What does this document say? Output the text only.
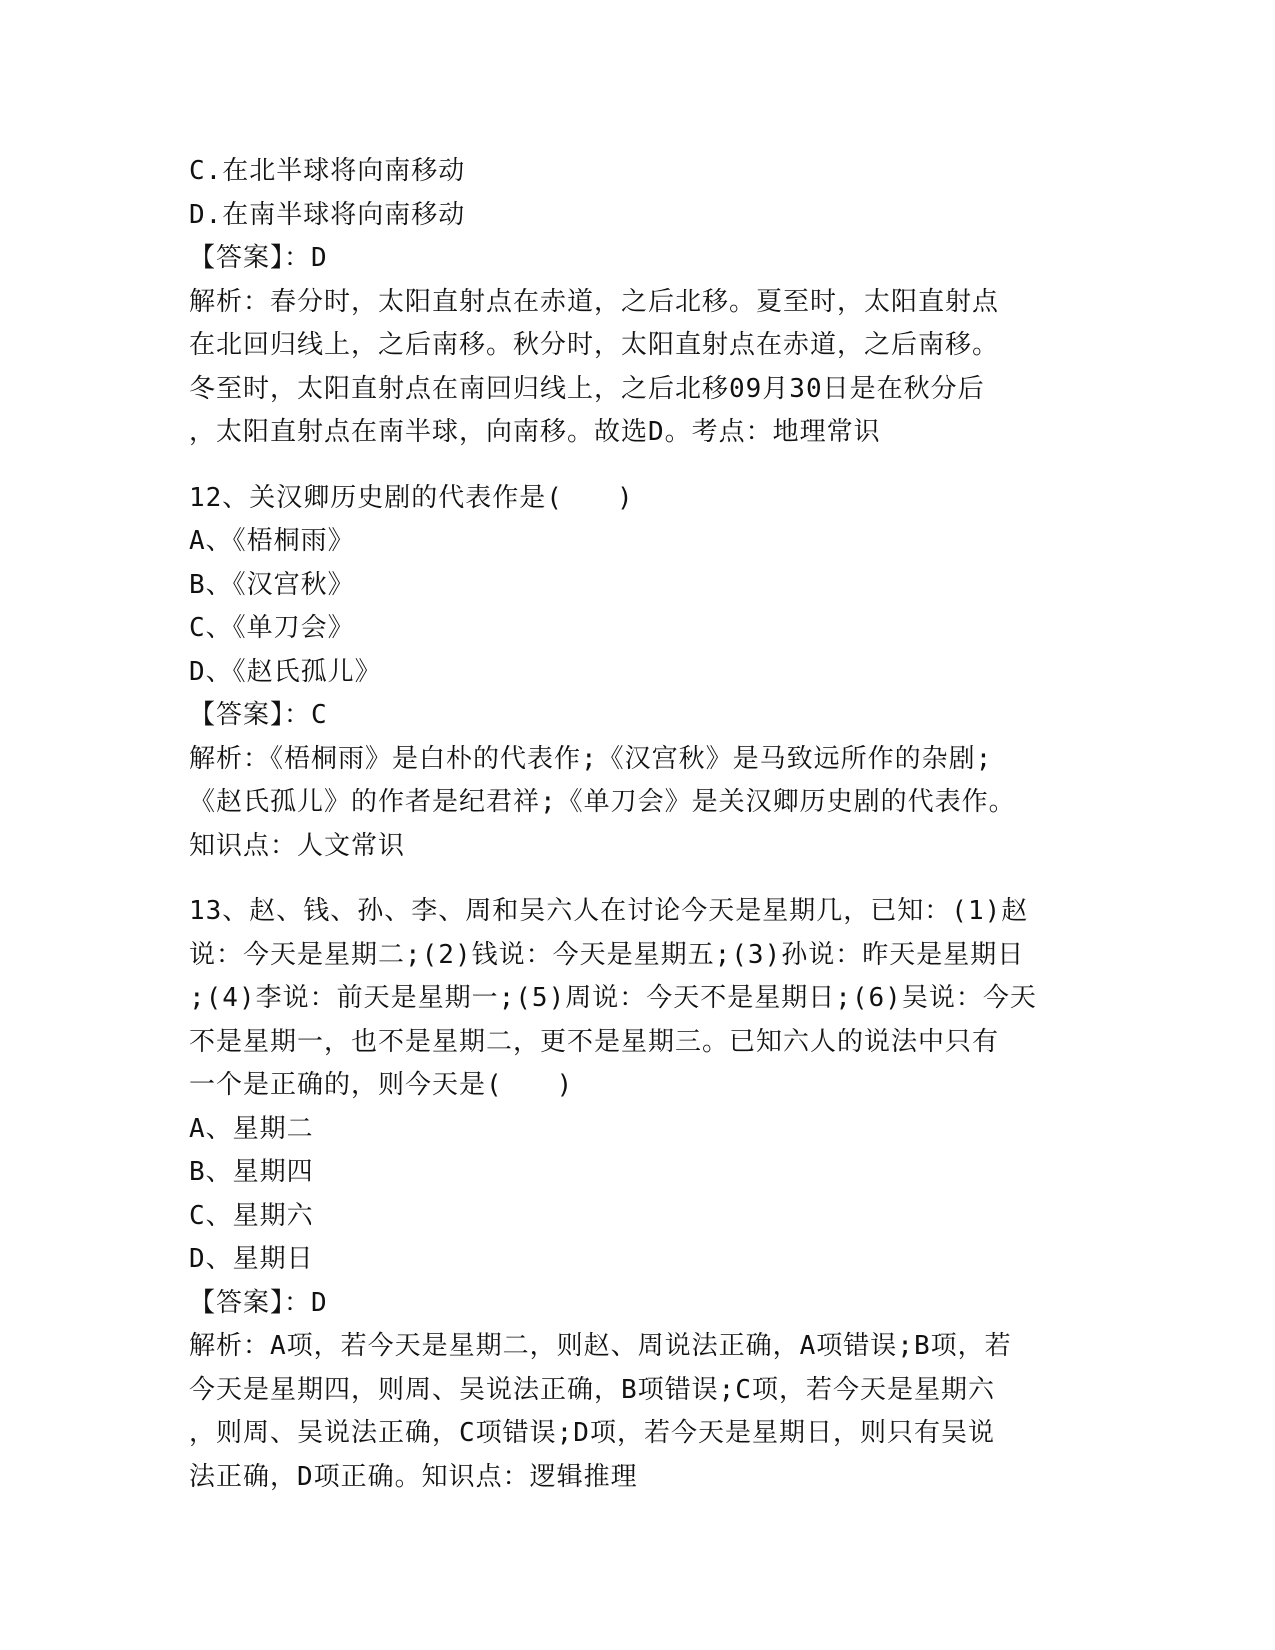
C.在北半球将向南移动
D.在南半球将向南移动
【答案】：D
解析：春分时，太阳直射点在赤道，之后北移。夏至时，太阳直射点
在北回归线上，之后南移。秋分时，太阳直射点在赤道，之后南移。
冬至时，太阳直射点在南回归线上，之后北移09月30日是在秋分后
，太阳直射点在南半球，向南移。故选D。考点：地理常识
12、关汉卿历史剧的代表作是(　　)
A、《梧桐雨》
B、《汉宫秋》
C、《单刀会》
D、《赵氏孤儿》
【答案】：C
解析：《梧桐雨》是白朴的代表作;《汉宫秋》是马致远所作的杂剧;
《赵氏孤儿》的作者是纪君祥;《单刀会》是关汉卿历史剧的代表作。
知识点：人文常识
13、赵、钱、孙、李、周和吴六人在讨论今天是星期几，已知：(1)赵
说：今天是星期二;(2)钱说：今天是星期五;(3)孙说：昨天是星期日
;(4)李说：前天是星期一;(5)周说：今天不是星期日;(6)吴说：今天
不是星期一，也不是星期二，更不是星期三。已知六人的说法中只有
一个是正确的，则今天是(　　)
A、星期二
B、星期四
C、星期六
D、星期日
【答案】：D
解析：A项，若今天是星期二，则赵、周说法正确，A项错误;B项，若
今天是星期四，则周、吴说法正确，B项错误;C项，若今天是星期六
，则周、吴说法正确，C项错误;D项，若今天是星期日，则只有吴说
法正确，D项正确。知识点：逻辑推理
